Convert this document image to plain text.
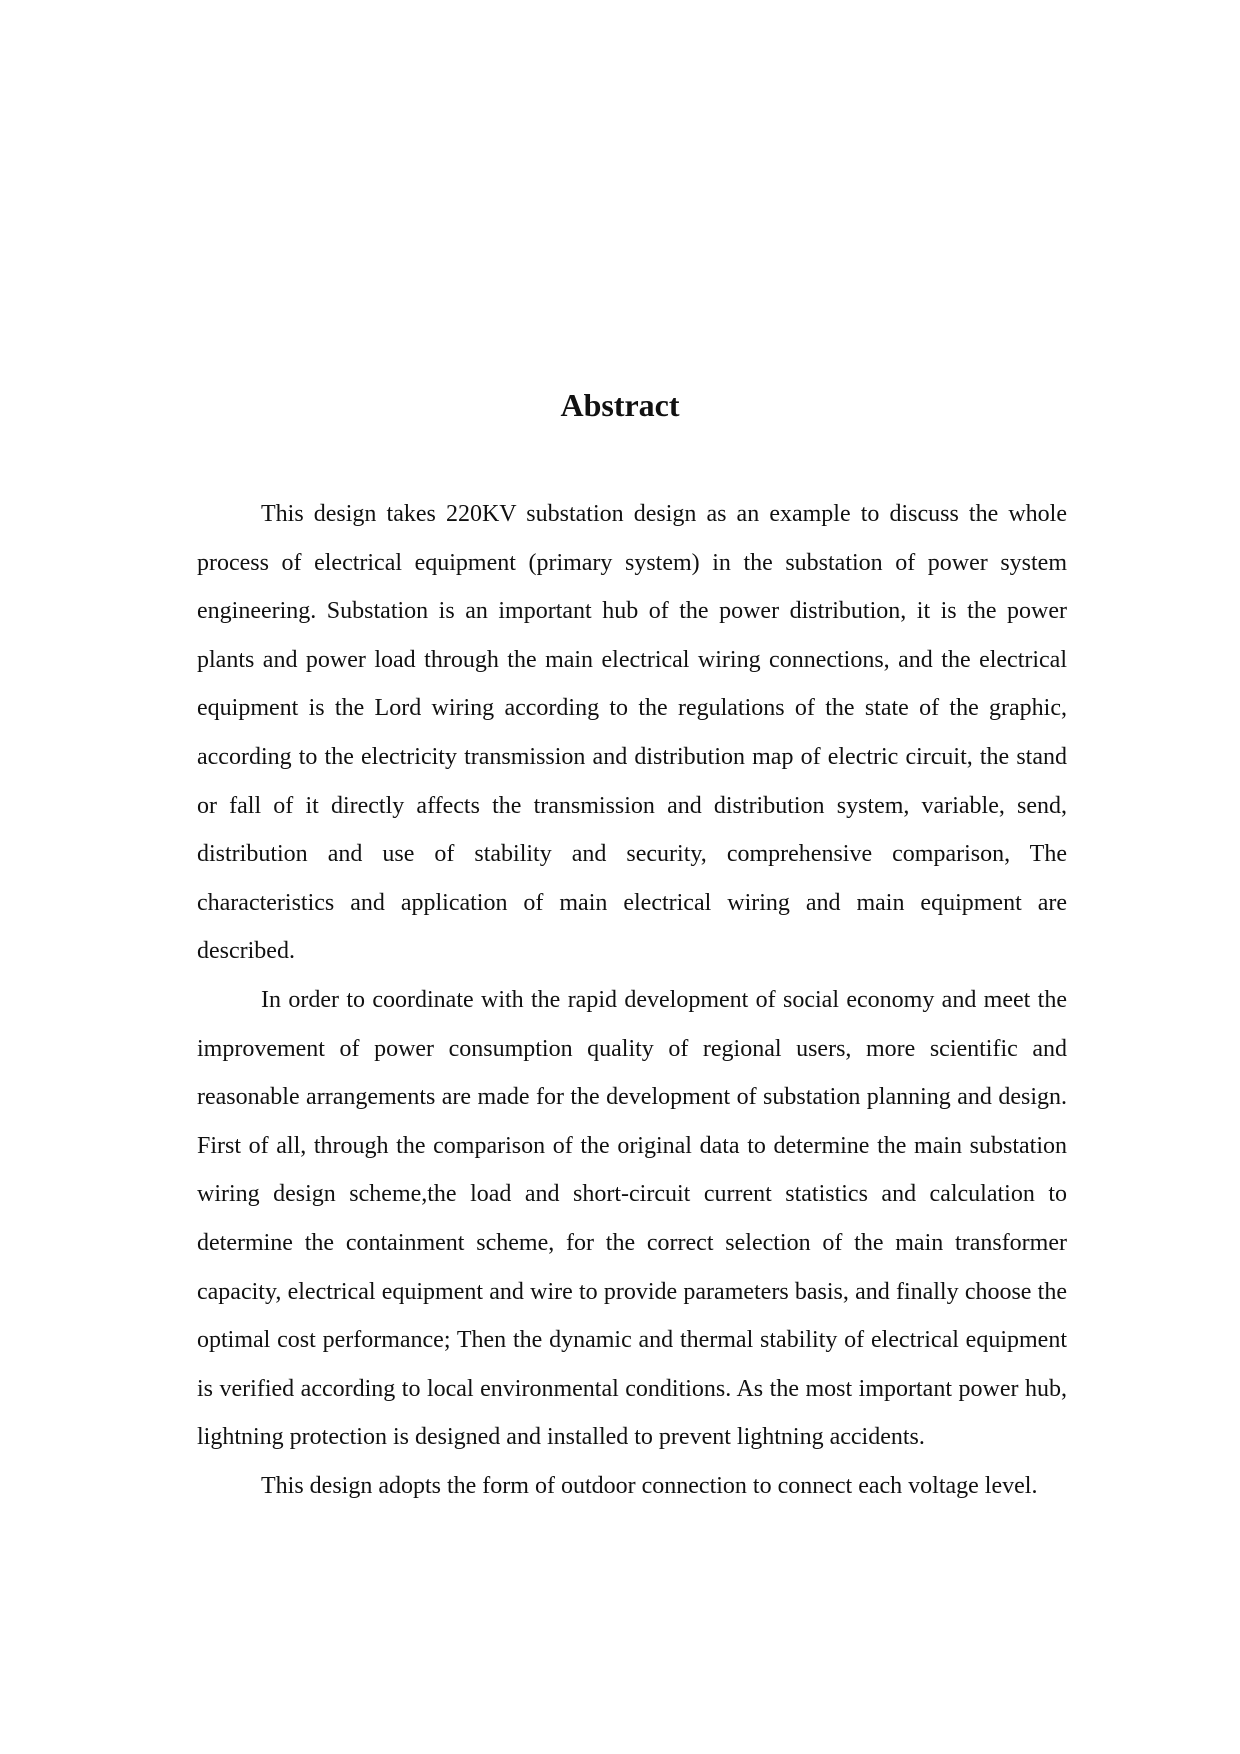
Abstract

This design takes 220KV substation design as an example to discuss the whole process of electrical equipment (primary system) in the substation of power system engineering. Substation is an important hub of the power distribution, it is the power plants and power load through the main electrical wiring connections, and the electrical equipment is the Lord wiring according to the regulations of the state of the graphic, according to the electricity transmission and distribution map of electric circuit, the stand or fall of it directly affects the transmission and distribution system, variable, send, distribution and use of stability and security, comprehensive comparison, The characteristics and application of main electrical wiring and main equipment are described.

In order to coordinate with the rapid development of social economy and meet the improvement of power consumption quality of regional users, more scientific and reasonable arrangements are made for the development of substation planning and design. First of all, through the comparison of the original data to determine the main substation wiring design scheme,the load and short-circuit current statistics and calculation to determine the containment scheme, for the correct selection of the main transformer capacity, electrical equipment and wire to provide parameters basis, and finally choose the optimal cost performance; Then the dynamic and thermal stability of electrical equipment is verified according to local environmental conditions. As the most important power hub, lightning protection is designed and installed to prevent lightning accidents.

This design adopts the form of outdoor connection to connect each voltage level.
